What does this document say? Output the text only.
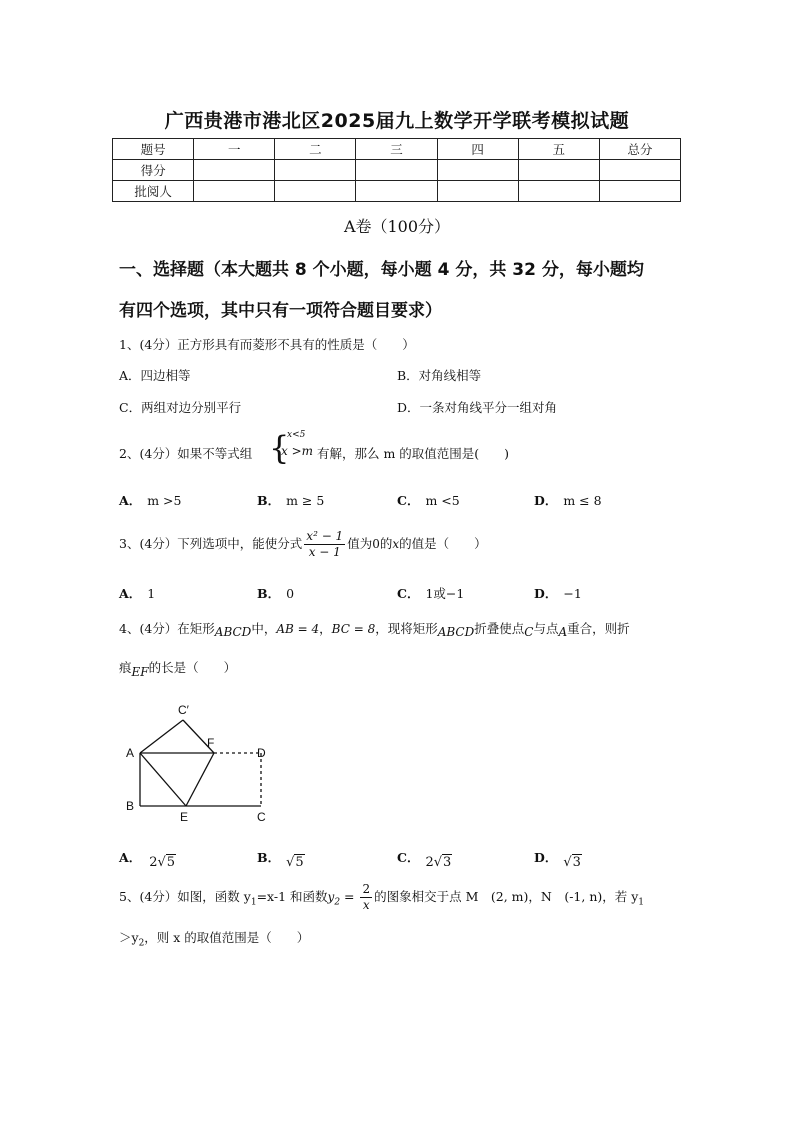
广西贵港市港北区2025届九上数学开学联考模拟试题
题号	一	二	三	四	五	总分
得分						
批阅人						
A卷（100分）
一、选择题（本大题共 8 个小题，每小题 4 分，共 32 分，每小题均
有四个选项，其中只有一项符合题目要求）
1、(4分）正方形具有而菱形不具有的性质是（　　）
A．四边相等	B．对角线相等
C．两组对边分别平行	D．一条对角线平分一组对角
2、(4分）如果不等式组 {
x<5
x >m 有解，那么 m 的取值范围是(　　)
A． m >5	B． m ≥ 5	C． m <5	D． m ≤ 8
3、(4分）下列选项中，能使分式 $\frac{\text{x² − 1}}{x - 1}$ 值为0的x的值是（　　）
A． 1	B． 0	C． 1或−1	D． −1
4、(4分）在矩形ABCD中，AB = 4，BC = 8，现将矩形ABCD折叠使点C与点A重合，则折
痕EF的长是（　　）
A
B
C
D
E
F
C′
A． 2√5	B． √5	C． 2√3	D． √3
5、(4分）如图，函数 $y_1=x-1$ 和函数$y_2 = \frac{2}{x}$ 的图象相交于点 M　(2, m)，N　(-1, n)，若 $y_1$
$>y_2$，则 x 的取值范围是（　　）
